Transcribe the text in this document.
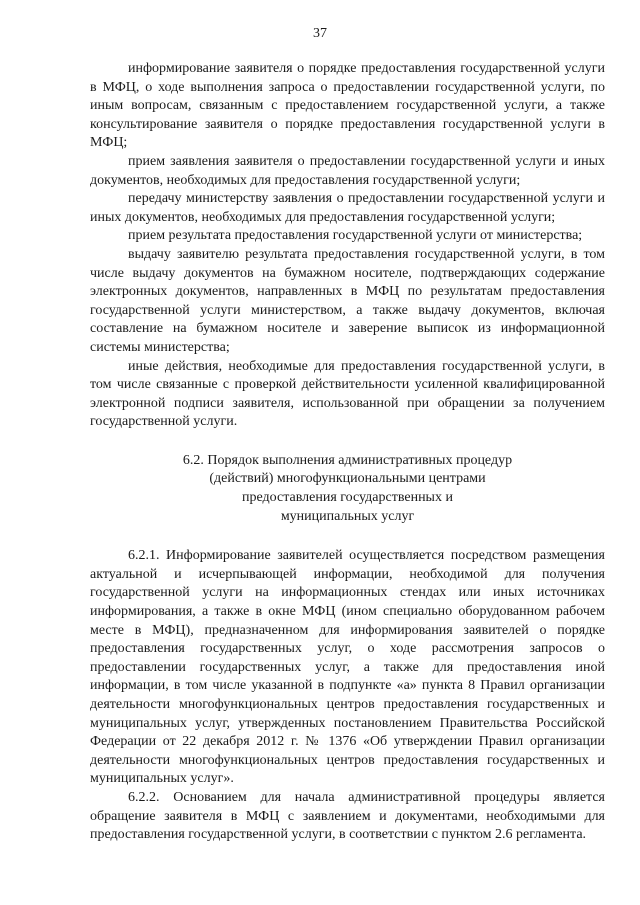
37

информирование заявителя о порядке предоставления государственной услуги в МФЦ, о ходе выполнения запроса о предоставлении государственной услуги, по иным вопросам, связанным с предоставлением государственной услуги, а также консультирование заявителя о порядке предоставления государственной услуги в МФЦ;

прием заявления заявителя о предоставлении государственной услуги и иных документов, необходимых для предоставления государственной услуги;

передачу министерству заявления о предоставлении государственной услуги и иных документов, необходимых для предоставления государственной услуги;

прием результата предоставления государственной услуги от министерства;

выдачу заявителю результата предоставления государственной услуги, в том числе выдачу документов на бумажном носителе, подтверждающих содержание электронных документов, направленных в МФЦ по результатам предоставления государственной услуги министерством, а также выдачу документов, включая составление на бумажном носителе и заверение выписок из информационной системы министерства;

иные действия, необходимые для предоставления государственной услуги, в том числе связанные с проверкой действительности усиленной квалифицированной электронной подписи заявителя, использованной при обращении за получением государственной услуги.

6.2. Порядок выполнения административных процедур
(действий) многофункциональными центрами
предоставления государственных и
муниципальных услуг

6.2.1. Информирование заявителей осуществляется посредством размещения актуальной и исчерпывающей информации, необходимой для получения государственной услуги на информационных стендах или иных источниках информирования, а также в окне МФЦ (ином специально оборудованном рабочем месте в МФЦ), предназначенном для информирования заявителей о порядке предоставления государственных услуг, о ходе рассмотрения запросов о предоставлении государственных услуг, а также для предоставления иной информации, в том числе указанной в подпункте «а» пункта 8 Правил организации деятельности многофункциональных центров предоставления государственных и муниципальных услуг, утвержденных постановлением Правительства Российской Федерации от 22 декабря 2012 г. № 1376 «Об утверждении Правил организации деятельности многофункциональных центров предоставления государственных и муниципальных услуг».

6.2.2. Основанием для начала административной процедуры является обращение заявителя в МФЦ с заявлением и документами, необходимыми для предоставления государственной услуги, в соответствии с пунктом 2.6 регламента.
